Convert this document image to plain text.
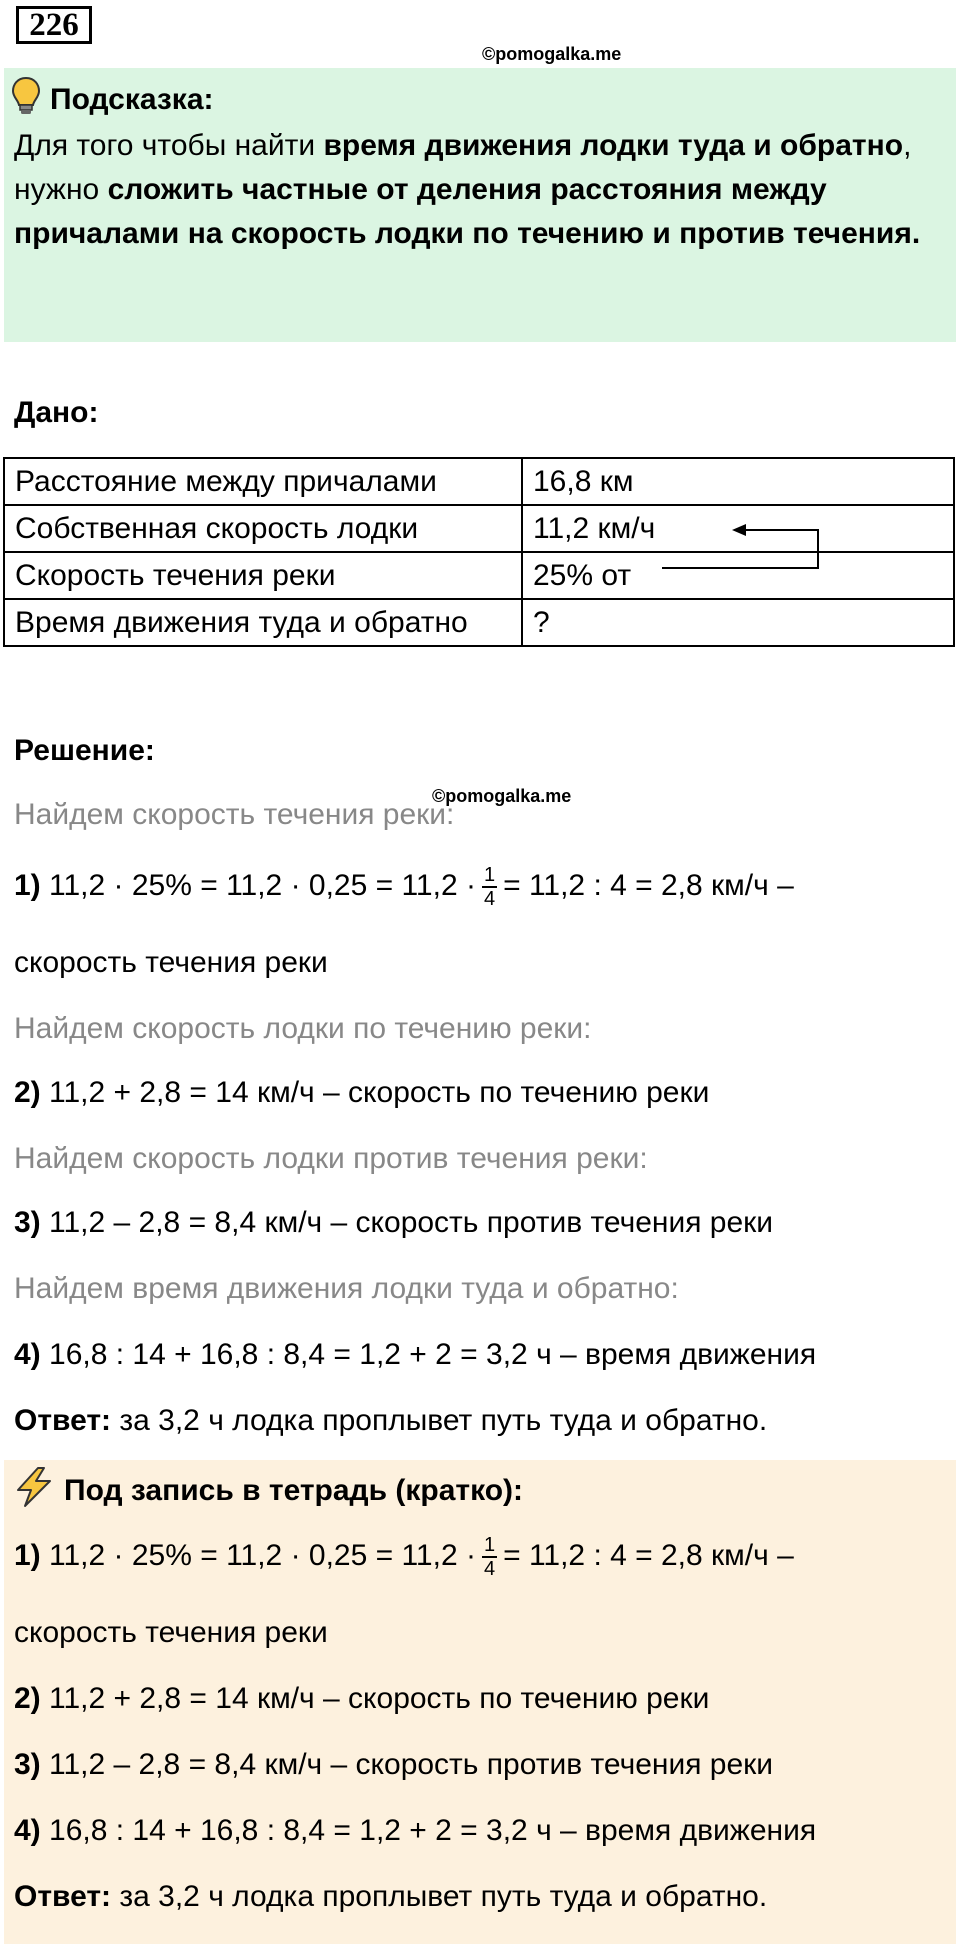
226
©pomogalka.me
Подсказка:
Для того чтобы найти время движения лодки туда и обратно, нужно сложить частные от деления расстояния между причалами на скорость лодки по течению и против течения.
Дано:
Расстояние между причалами	16,8 км
Собственная скорость лодки	11,2 км/ч
Скорость течения реки	25% от
Время движения туда и обратно	?
Решение:
©pomogalka.me
Найдем скорость течения реки:
1) $11,2 \cdot 25\% = 11,2 \cdot 0,25 = 11,2 \cdot \frac{1}{4} = 11,2$ : 4 = 2,8 км/ч –
скорость течения реки
Найдем скорость лодки по течению реки:
2) 11,2 + 2,8 = 14 км/ч – скорость по течению реки
Найдем скорость лодки против течения реки:
3) 11,2 – 2,8 = 8,4 км/ч – скорость против течения реки
Найдем время движения лодки туда и обратно:
4) 16,8 : 14 + 16,8 : 8,4 = 1,2 + 2 = 3,2 ч – время движения
Ответ: за 3,2 ч лодка проплывет путь туда и обратно.
Под запись в тетрадь (кратко):
1) $11,2 \cdot 25\% = 11,2 \cdot 0,25 = 11,2 \cdot \frac{1}{4} = 11,2$ : 4 = 2,8 км/ч –
скорость течения реки
2) 11,2 + 2,8 = 14 км/ч – скорость по течению реки
3) 11,2 – 2,8 = 8,4 км/ч – скорость против течения реки
4) 16,8 : 14 + 16,8 : 8,4 = 1,2 + 2 = 3,2 ч – время движения
Ответ: за 3,2 ч лодка проплывет путь туда и обратно.
